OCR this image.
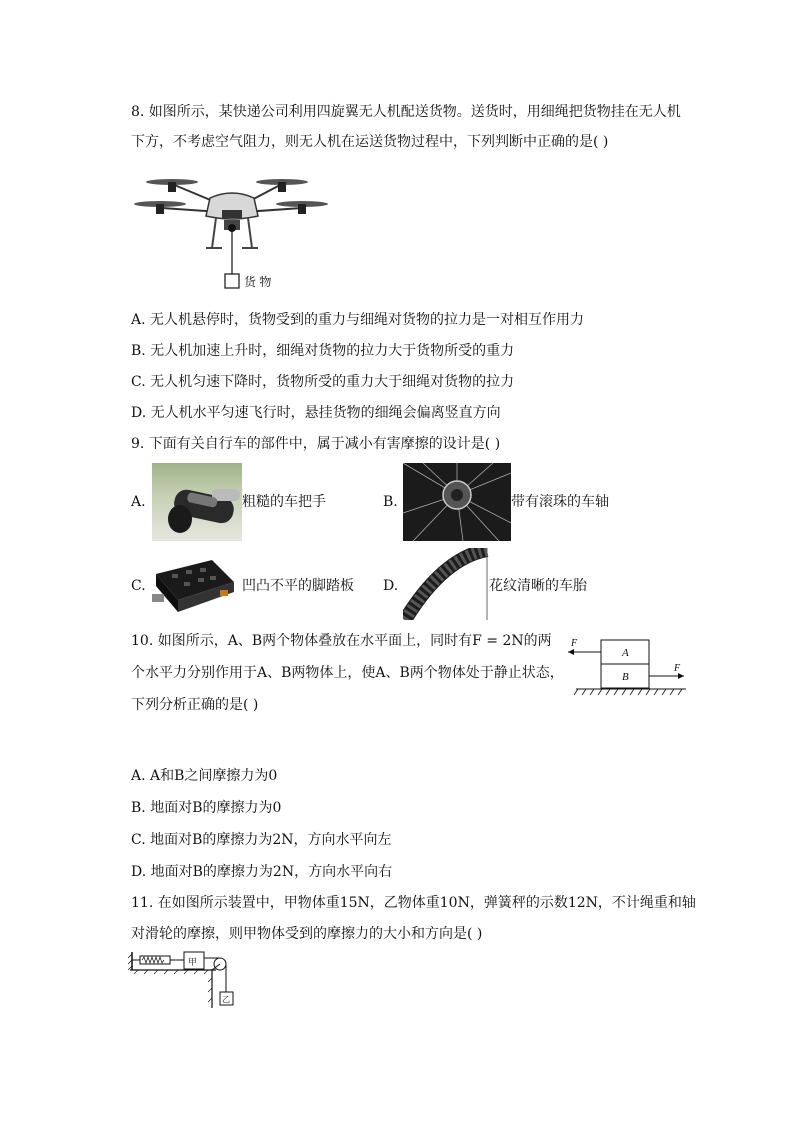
8. 如图所示，某快递公司利用四旋翼无人机配送货物。送货时，用细绳把货物挂在无人机
下方，不考虑空气阻力，则无人机在运送货物过程中，下列判断中正确的是( )
货 物
A. 无人机悬停时，货物受到的重力与细绳对货物的拉力是一对相互作用力
B. 无人机加速上升时，细绳对货物的拉力大于货物所受的重力
C. 无人机匀速下降时，货物所受的重力大于细绳对货物的拉力
D. 无人机水平匀速飞行时，悬挂货物的细绳会偏离竖直方向
9. 下面有关自行车的部件中，属于减小有害摩擦的设计是( )
A.	粗糙的车把手	B.	带有滚珠的车轴
C.	凹凸不平的脚踏板 D.	花纹清晰的车胎
10. 如图所示，A、B两个物体叠放在水平面上，同时有F = 2N的两
个水平力分别作用于A、B两物体上，使A、B两个物体处于静止状态，
下列分析正确的是( )
A
B
F
F
A. A和B之间摩擦力为0
B. 地面对B的摩擦力为0
C. 地面对B的摩擦力为2N，方向水平向左
D. 地面对B的摩擦力为2N，方向水平向右
11. 在如图所示装置中，甲物体重15N，乙物体重10N，弹簧秤的示数12N，不计绳重和轴
对滑轮的摩擦，则甲物体受到的摩擦力的大小和方向是( )
甲
乙
